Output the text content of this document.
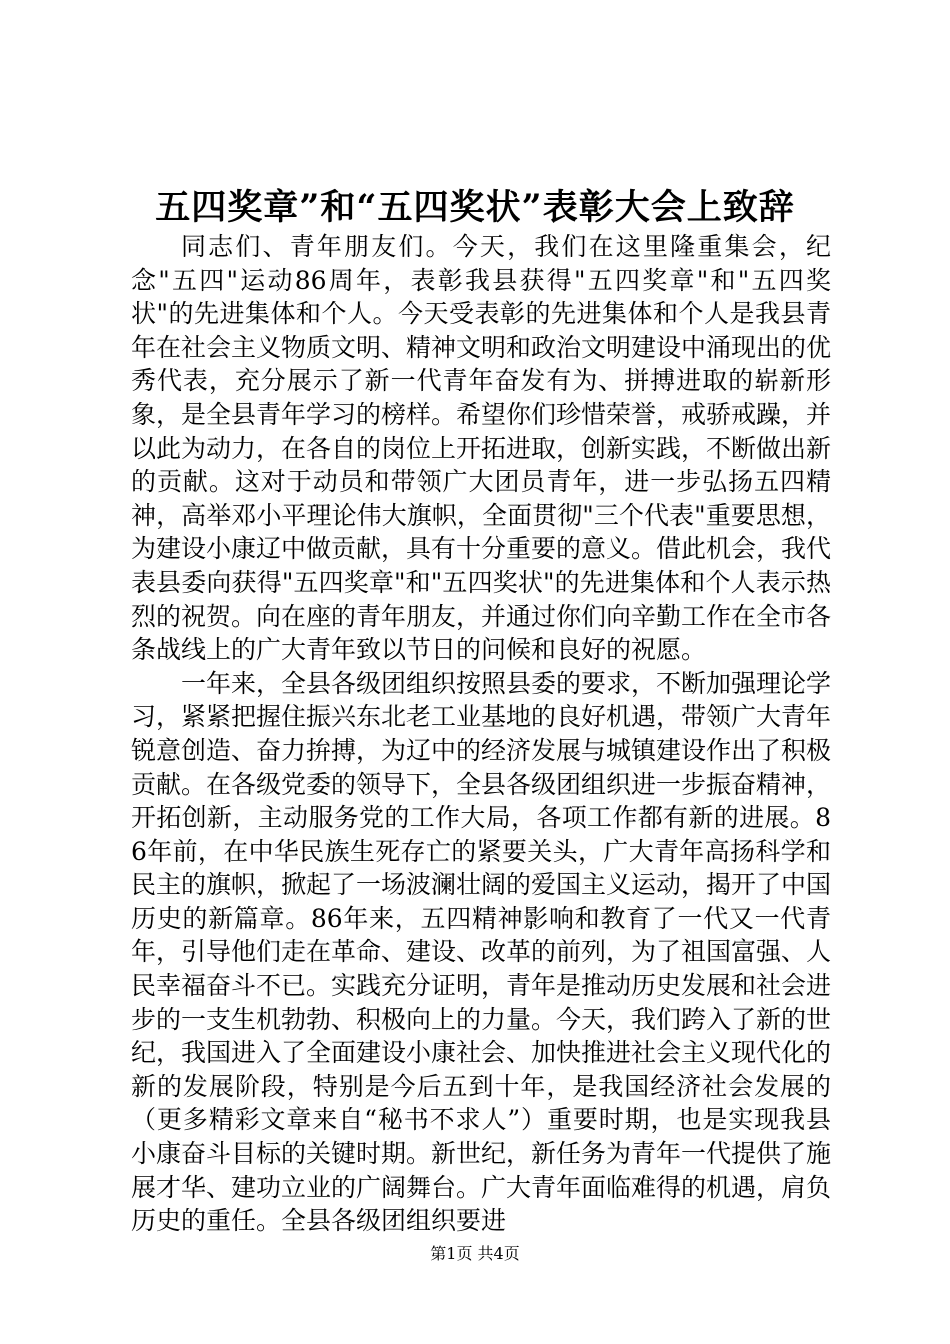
五四奖章”和“五四奖状”表彰大会上致辞

同志们、青年朋友们。今天，我们在这里隆重集会，纪念"五四"运动86周年，表彰我县获得"五四奖章"和"五四奖状"的先进集体和个人。今天受表彰的先进集体和个人是我县青年在社会主义物质文明、精神文明和政治文明建设中涌现出的优秀代表，充分展示了新一代青年奋发有为、拼搏进取的崭新形象，是全县青年学习的榜样。希望你们珍惜荣誉，戒骄戒躁，并以此为动力，在各自的岗位上开拓进取，创新实践，不断做出新的贡献。这对于动员和带领广大团员青年，进一步弘扬五四精神，高举邓小平理论伟大旗帜，全面贯彻"三个代表"重要思想，为建设小康辽中做贡献，具有十分重要的意义。借此机会，我代表县委向获得"五四奖章"和"五四奖状"的先进集体和个人表示热烈的祝贺。向在座的青年朋友，并通过你们向辛勤工作在全市各条战线上的广大青年致以节日的问候和良好的祝愿。

一年来，全县各级团组织按照县委的要求，不断加强理论学习，紧紧把握住振兴东北老工业基地的良好机遇，带领广大青年锐意创造、奋力拚搏，为辽中的经济发展与城镇建设作出了积极贡献。在各级党委的领导下，全县各级团组织进一步振奋精神，开拓创新，主动服务党的工作大局，各项工作都有新的进展。86年前，在中华民族生死存亡的紧要关头，广大青年高扬科学和民主的旗帜，掀起了一场波澜壮阔的爱国主义运动，揭开了中国历史的新篇章。86年来，五四精神影响和教育了一代又一代青年，引导他们走在革命、建设、改革的前列，为了祖国富强、人民幸福奋斗不已。实践充分证明，青年是推动历史发展和社会进步的一支生机勃勃、积极向上的力量。今天，我们跨入了新的世纪，我国进入了全面建设小康社会、加快推进社会主义现代化的新的发展阶段，特别是今后五到十年，是我国经济社会发展的（更多精彩文章来自“秘书不求人”）重要时期，也是实现我县小康奋斗目标的关键时期。新世纪，新任务为青年一代提供了施展才华、建功立业的广阔舞台。广大青年面临难得的机遇，肩负历史的重任。全县各级团组织要进

第1页 共4页
